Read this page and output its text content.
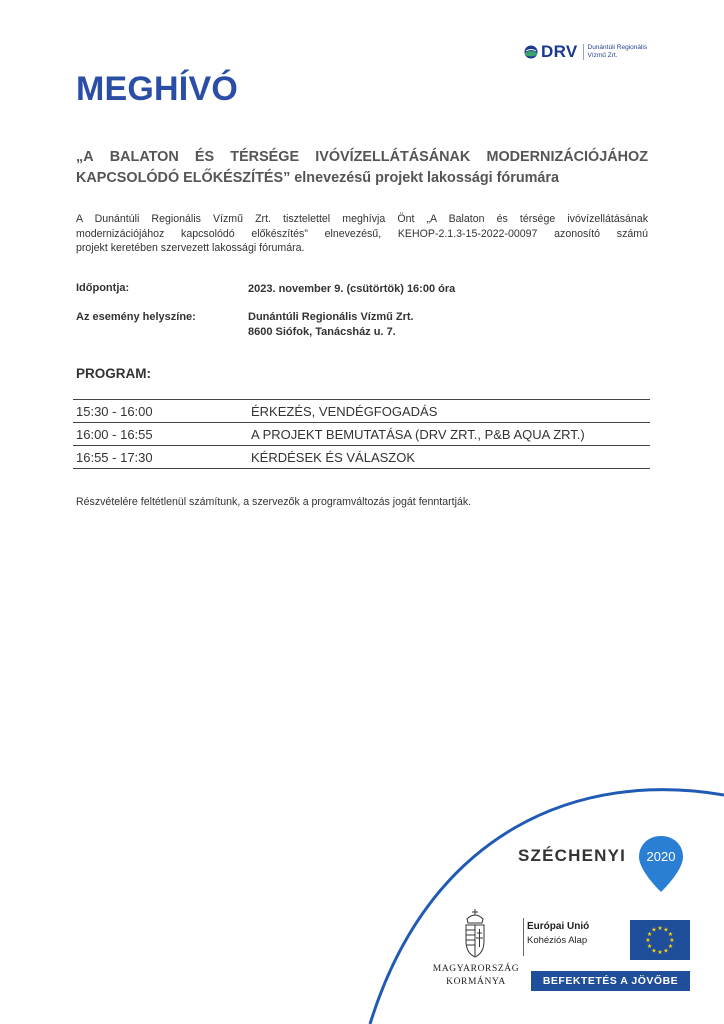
DRV Dunántúli Regionális
Vízmű Zrt.
MEGHÍVÓ
„A BALATON ÉS TÉRSÉGE IVÓVÍZELLÁTÁSÁNAK MODERNIZÁCIÓJÁHOZ
KAPCSOLÓDÓ ELŐKÉSZÍTÉS” elnevezésű projekt lakossági fórumára
A Dunántúli Regionális Vízmű Zrt. tisztelettel meghívja Önt „A Balaton és térsége ivóvízellátásának
modernizációjához kapcsolódó előkészítés” elnevezésű, KEHOP-2.1.3-15-2022-00097 azonosító számú
projekt keretében szervezett lakossági fórumára.
Időpontja:	2023. november 9. (csütörtök) 16:00 óra
Az esemény helyszíne:	Dunántúli Regionális Vízmű Zrt.
8600 Siófok, Tanácsház u. 7.
PROGRAM:
15:30 - 16:00	ÉRKEZÉS, VENDÉGFOGADÁS
16:00 - 16:55	A PROJEKT BEMUTATÁSA (DRV ZRT., P&B AQUA ZRT.)
16:55 - 17:30	KÉRDÉSEK ÉS VÁLASZOK
Részvételére feltétlenül számítunk, a szervezők a programváltozás jogát fenntartják.
SZÉCHENYI 2020
MAGYARORSZÁG
KORMÁNYA
Európai Unió
Kohéziós Alap
★ ★
★
★
★
★
★
★
★
★
★
★
BEFEKTETÉS A JÖVŐBE
